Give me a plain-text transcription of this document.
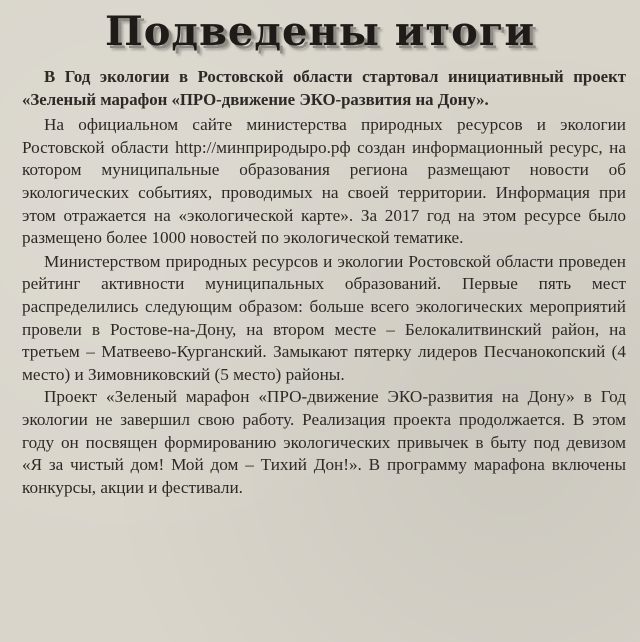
Подведены итоги

В Год экологии в Ростовской области стартовал инициативный проект «Зеленый марафон «ПРО-движение ЭКО-развития на Дону».

На официальном сайте министерства природных ресурсов и экологии Ростовской области http://минприродыро.рф создан информационный ресурс, на котором муниципальные образования региона размещают новости об экологических событиях, проводимых на своей территории. Информация при этом отражается на «экологической карте». За 2017 год на этом ресурсе было размещено более 1000 новостей по экологической тематике.

Министерством природных ресурсов и экологии Ростовской области проведен рейтинг активности муниципальных образований. Первые пять мест распределились следующим образом: больше всего экологических мероприятий провели в Ростове-на-Дону, на втором месте – Белокалитвинский район, на третьем – Матвеево-Курганский. Замыкают пятерку лидеров Песчанокопский (4 место) и Зимовниковский (5 место) районы.

Проект «Зеленый марафон «ПРО-движение ЭКО-развития на Дону» в Год экологии не завершил свою работу. Реализация проекта продолжается. В этом году он посвящен формированию экологических привычек в быту под девизом «Я за чистый дом! Мой дом – Тихий Дон!». В программу марафона включены конкурсы, акции и фестивали.
